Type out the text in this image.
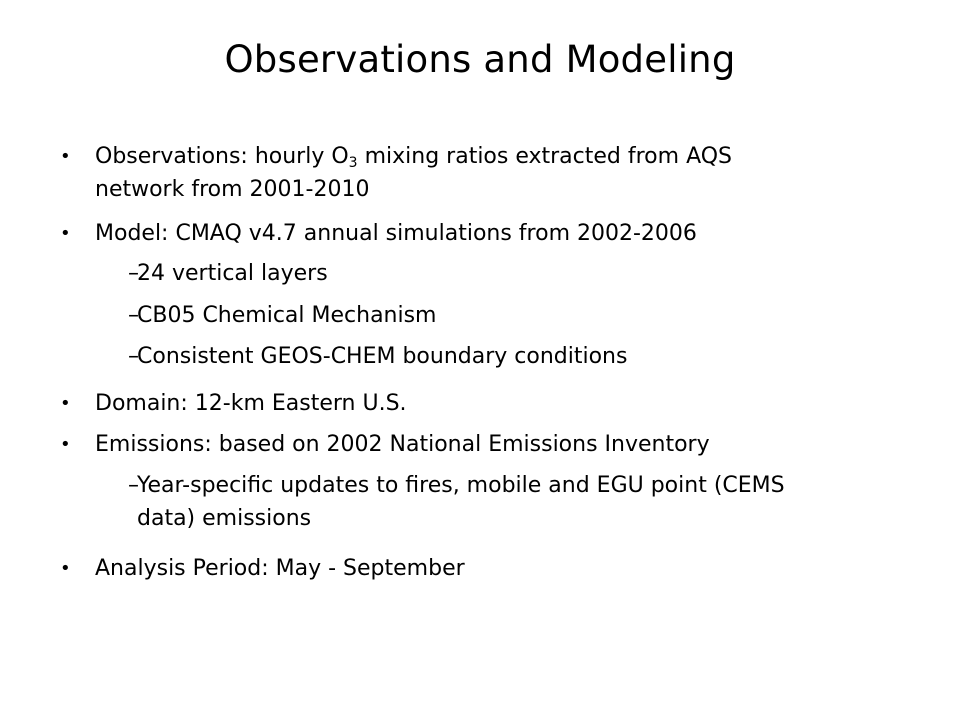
Observations and Modeling
• Observations: hourly $O_3$ mixing ratios extracted from AQS
network from 2001-2010
• Model: CMAQ v4.7 annual simulations from 2002-2006
–
24 vertical layers
–
CB05 Chemical Mechanism
–
Consistent GEOS-CHEM boundary conditions
• Domain: 12-km Eastern U.S.
• Emissions: based on 2002 National Emissions Inventory
–
Year-specific updates to fires, mobile and EGU point (CEMS
data) emissions
• Analysis Period: May - September
